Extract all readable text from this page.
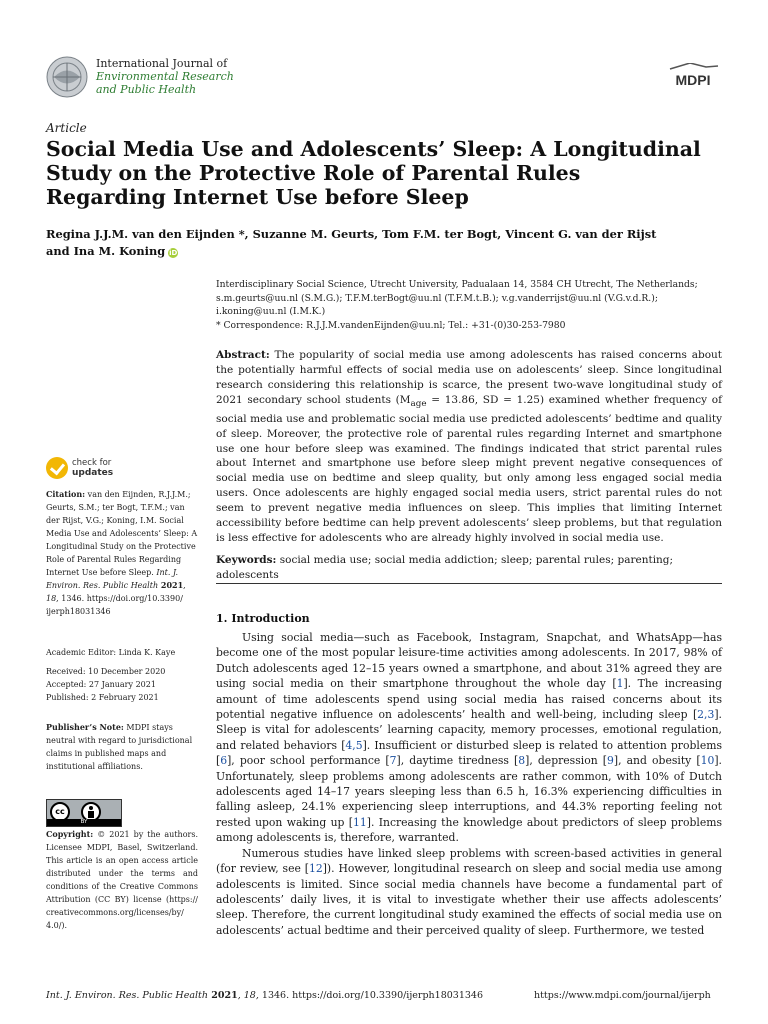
International Journal of
Environmental Research
and Public Health
MDPI
Article
Social Media Use and Adolescents’ Sleep: A Longitudinal Study on the Protective Role of Parental Rules Regarding Internet Use before Sleep
Regina J.J.M. van den Eijnden *, Suzanne M. Geurts, Tom F.M. ter Bogt, Vincent G. van der Rijst
and Ina M. Koning iD
Interdisciplinary Social Science, Utrecht University, Padualaan 14, 3584 CH Utrecht, The Netherlands;
s.m.geurts@uu.nl (S.M.G.); T.F.M.terBogt@uu.nl (T.F.M.t.B.); v.g.vanderrijst@uu.nl (V.G.v.d.R.);
i.koning@uu.nl (I.M.K.)
* Correspondence: R.J.J.M.vandenEijnden@uu.nl; Tel.: +31-(0)30-253-7980
Abstract: The popularity of social media use among adolescents has raised concerns about the potentially harmful effects of social media use on adolescents’ sleep. Since longitudinal research considering this relationship is scarce, the present two-wave longitudinal study of 2021 secondary school students ($M_{age} = 13.86$, SD = 1.25) examined whether frequency of social media use and problematic social media use predicted adolescents’ bedtime and quality of sleep. Moreover, the protective role of parental rules regarding Internet and smartphone use one hour before sleep was examined. The findings indicated that strict parental rules about Internet and smartphone use before sleep might prevent negative consequences of social media use on bedtime and sleep quality, but only among less engaged social media users. Once adolescents are highly engaged social media users, strict parental rules do not seem to prevent negative media influences on sleep. This implies that limiting Internet accessibility before bedtime can help prevent adolescents’ sleep problems, but that regulation is less effective for adolescents who are already highly involved in social media use.
Keywords: social media use; social media addiction; sleep; parental rules; parenting; adolescents
1. Introduction

Using social media—such as Facebook, Instagram, Snapchat, and WhatsApp—has become one of the most popular leisure-time activities among adolescents. In 2017, 98% of Dutch adolescents aged 12–15 years owned a smartphone, and about 31% agreed they are using social media on their smartphone throughout the whole day [1]. The increasing amount of time adolescents spend using social media has raised concerns about its potential negative influence on adolescents’ health and well-being, including sleep [2,3]. Sleep is vital for adolescents’ learning capacity, memory processes, emotional regulation, and related behaviors [4,5]. Insufficient or disturbed sleep is related to attention problems [6], poor school performance [7], daytime tiredness [8], depression [9], and obesity [10]. Unfortunately, sleep problems among adolescents are rather common, with 10% of Dutch adolescents aged 14–17 years sleeping less than 6.5 h, 16.3% experiencing difficulties in falling asleep, 24.1% experiencing sleep interruptions, and 44.3% reporting feeling not rested upon waking up [11]. Increasing the knowledge about predictors of sleep problems among adolescents is, therefore, warranted.

Numerous studies have linked sleep problems with screen-based activities in general (for review, see [12]). However, longitudinal research on sleep and social media use among adolescents is limited. Since social media channels have become a fundamental part of adolescents’ daily lives, it is vital to investigate whether their use affects adolescents’ sleep. Therefore, the current longitudinal study examined the effects of social media use on adolescents’ actual bedtime and their perceived quality of sleep. Furthermore, we tested

check for
updates
Citation: van den Eijnden, R.J.J.M.; Geurts, S.M.; ter Bogt, T.F.M.; van der Rijst, V.G.; Koning, I.M. Social Media Use and Adolescents’ Sleep: A Longitudinal Study on the Protective Role of Parental Rules Regarding Internet Use before Sleep. Int. J. Environ. Res. Public Health 2021, 18, 1346. https://doi.org/10.3390/ ijerph18031346
Academic Editor: Linda K. Kaye
Received: 10 December 2020
Accepted: 27 January 2021
Published: 2 February 2021
Publisher’s Note: MDPI stays neutral with regard to jurisdictional claims in published maps and institutional affiliations.
cc
BY
Copyright: © 2021 by the authors. Licensee MDPI, Basel, Switzerland. This article is an open access article distributed under the terms and conditions of the Creative Commons Attribution (CC BY) license (https:// creativecommons.org/licenses/by/ 4.0/).
Int. J. Environ. Res. Public Health 2021, 18, 1346. https://doi.org/10.3390/ijerph18031346	https://www.mdpi.com/journal/ijerph
